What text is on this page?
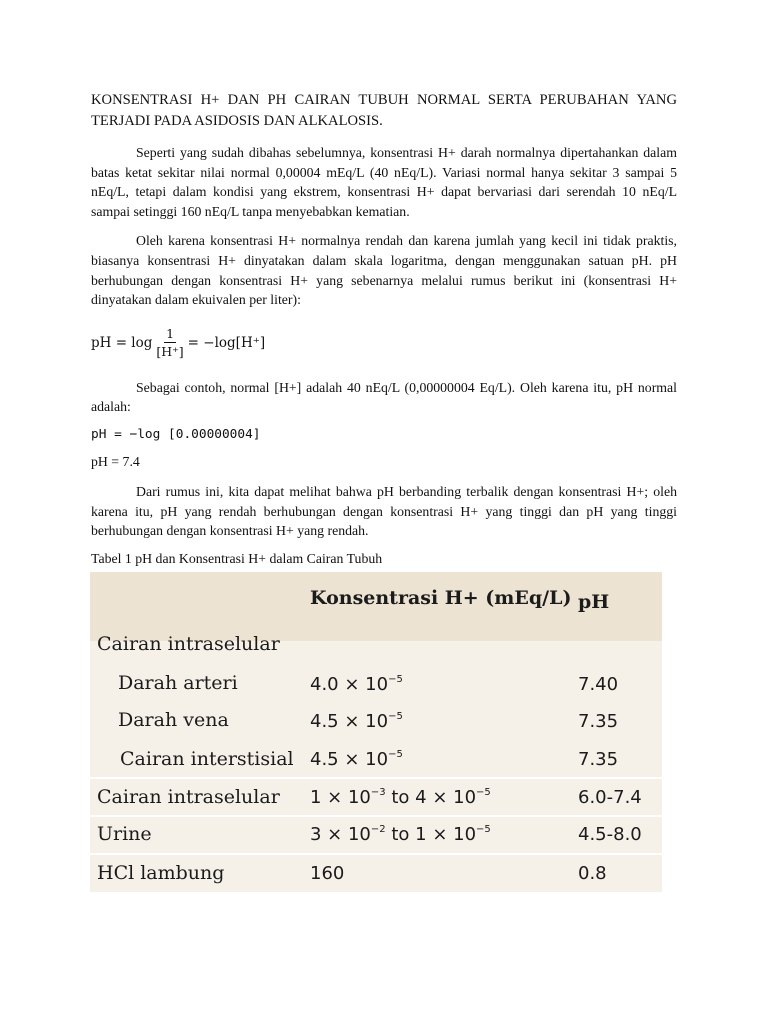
KONSENTRASI H+ DAN PH CAIRAN TUBUH NORMAL SERTA PERUBAHAN YANG TERJADI PADA ASIDOSIS DAN ALKALOSIS.

Seperti yang sudah dibahas sebelumnya, konsentrasi H+ darah normalnya dipertahankan dalam batas ketat sekitar nilai normal 0,00004 mEq/L (40 nEq/L). Variasi normal hanya sekitar 3 sampai 5 nEq/L, tetapi dalam kondisi yang ekstrem, konsentrasi H+ dapat bervariasi dari serendah 10 nEq/L sampai setinggi 160 nEq/L tanpa menyebabkan kematian.

Oleh karena konsentrasi H+ normalnya rendah dan karena jumlah yang kecil ini tidak praktis, biasanya konsentrasi H+ dinyatakan dalam skala logaritma, dengan menggunakan satuan pH. pH berhubungan dengan konsentrasi H+ yang sebenarnya melalui rumus berikut ini (konsentrasi H+ dinyatakan dalam ekuivalen per liter):

pH = $\log \frac{1}{[H^+]} = -\log[H^+]$

Sebagai contoh, normal [H+] adalah 40 nEq/L (0,00000004 Eq/L). Oleh karena itu, pH normal adalah:

pH = −log [0.00000004]
pH = 7.4

Dari rumus ini, kita dapat melihat bahwa pH berbanding terbalik dengan konsentrasi H+; oleh karena itu, pH yang rendah berhubungan dengan konsentrasi H+ yang tinggi dan pH yang tinggi berhubungan dengan konsentrasi H+ yang rendah.

Tabel 1 pH dan Konsentrasi H+ dalam Cairan Tubuh

Konsentrasi H+ (mEq/L) pH
Cairan intraselular
Darah arteri	$4.0 \times 10^{-5}$	7.40
Darah vena	$4.5 \times 10^{-5}$	7.35
Cairan interstisial $4.5 \times 10^{-5}$	7.35
Cairan intraselular $1 \times 10^{-3}$ to $4 \times 10^{-5}$	6.0-7.4
Urine	$3 \times 10^{-2}$ to $1 \times 10^{-5}$	4.5-8.0
HCl lambung	160	0.8
